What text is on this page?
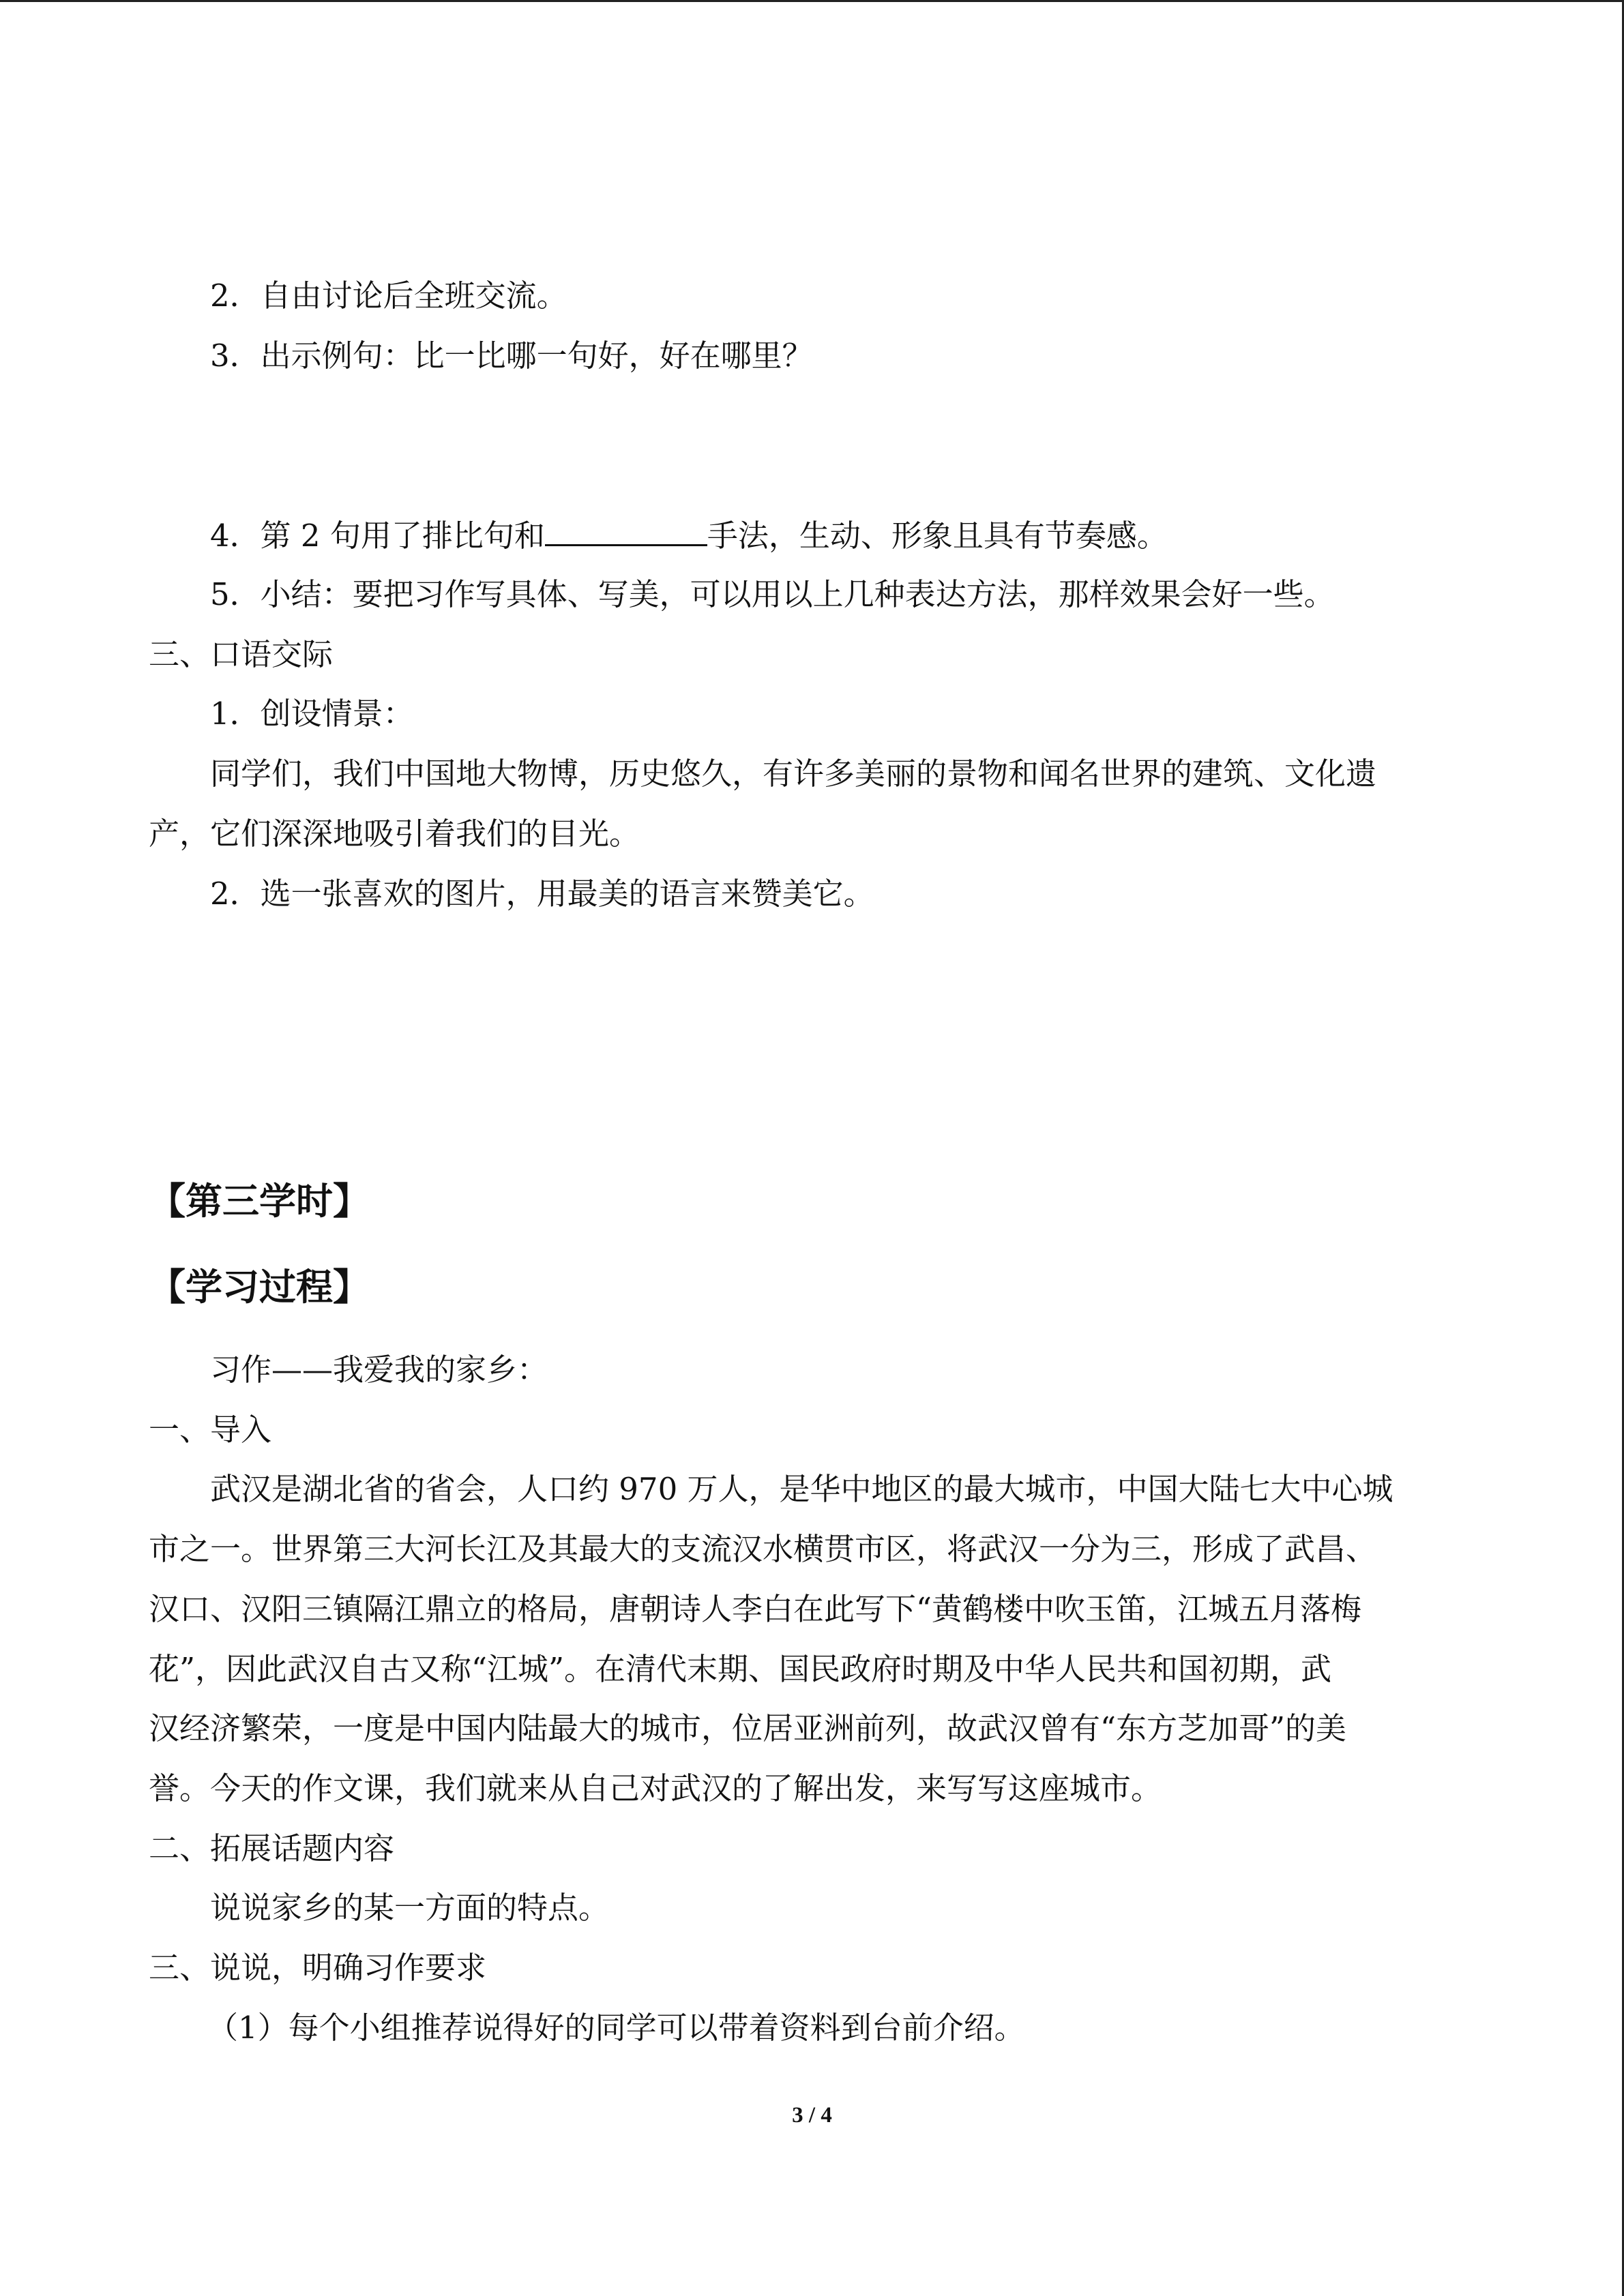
2．自由讨论后全班交流。
3．出示例句：比一比哪一句好，好在哪里？
4．第 2 句用了排比句和	手法，生动、形象且具有节奏感。
5．小结：要把习作写具体、写美，可以用以上几种表达方法，那样效果会好一些。
三、口语交际
1．创设情景：
同学们，我们中国地大物博，历史悠久，有许多美丽的景物和闻名世界的建筑、文化遗
产，它们深深地吸引着我们的目光。
2．选一张喜欢的图片，用最美的语言来赞美它。
【第三学时】
【学习过程】
习作——我爱我的家乡：
一、导入
武汉是湖北省的省会，人口约 970 万人，是华中地区的最大城市，中国大陆七大中心城
市之一。世界第三大河长江及其最大的支流汉水横贯市区，将武汉一分为三，形成了武昌、
汉口、汉阳三镇隔江鼎立的格局，唐朝诗人李白在此写下“黄鹤楼中吹玉笛，江城五月落梅
花”，因此武汉自古又称“江城”。在清代末期、国民政府时期及中华人民共和国初期，武
汉经济繁荣，一度是中国内陆最大的城市，位居亚洲前列，故武汉曾有“东方芝加哥”的美
誉。今天的作文课，我们就来从自己对武汉的了解出发，来写写这座城市。
二、拓展话题内容
说说家乡的某一方面的特点。
三、说说，明确习作要求
（1）每个小组推荐说得好的同学可以带着资料到台前介绍。
3 / 4
